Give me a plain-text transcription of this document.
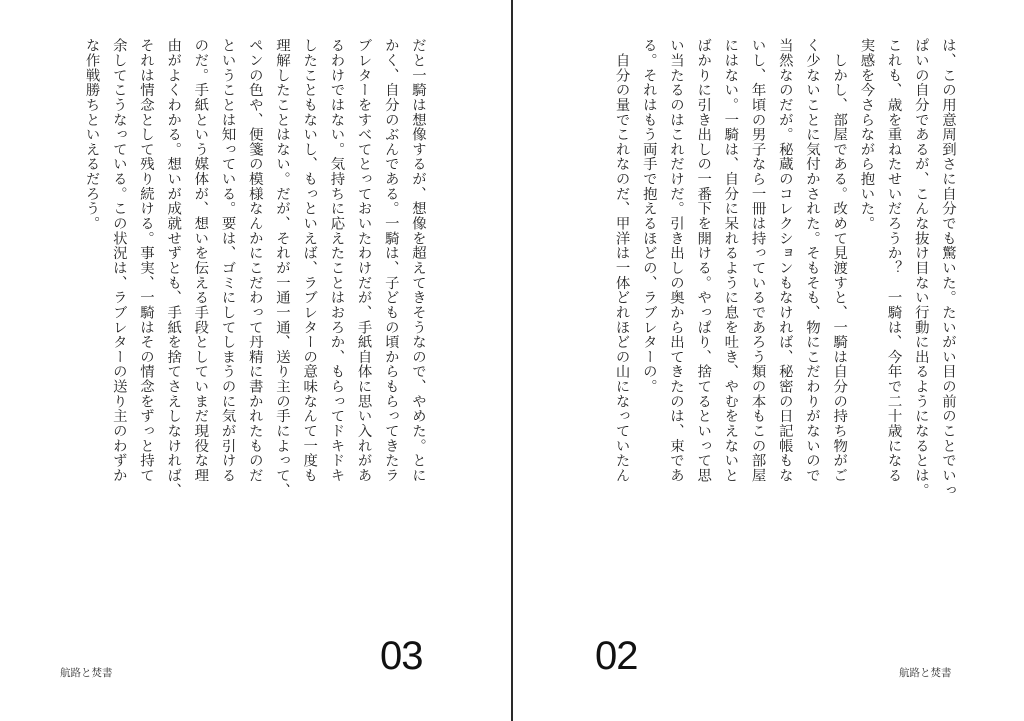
だと一騎は想像するが、想像を超えてきそうなので、やめた。とに
かく、自分のぶんである。一騎は、子どもの頃からもらってきたラ
ブレターをすべてとっておいたわけだが、手紙自体に思い入れがあ
るわけではない。気持ちに応えたことはおろか、もらってドキドキ
したこともないし、もっといえば、ラブレターの意味なんて一度も
理解したことはない。だが、それが一通一通、送り主の手によって、
ペンの色や、便箋の模様なんかにこだわって丹精に書かれたものだ
ということは知っている。要は、ゴミにしてしまうのに気が引ける
のだ。手紙という媒体が、想いを伝える手段としていまだ現役な理
由がよくわかる。想いが成就せずとも、手紙を捨てさえしなければ、
それは情念として残り続ける。事実、一騎はその情念をずっと持て
余してこうなっている。この状況は、ラブレターの送り主のわずか
な作戦勝ちといえるだろう。
03
航路と焚書
は、この用意周到さに自分でも驚いた。たいがい目の前のことでいっ
ぱいの自分であるが、こんな抜け目ない行動に出るようになるとは。
これも、歳を重ねたせいだろうか？　一騎は、今年で二十歳になる
実感を今さらながら抱いた。
　しかし、部屋である。改めて見渡すと、一騎は自分の持ち物がご
く少ないことに気付かされた。そもそも、物にこだわりがないので
当然なのだが。秘蔵のコレクションもなければ、秘密の日記帳もな
いし、年頃の男子なら一冊は持っているであろう類の本もこの部屋
にはない。一騎は、自分に呆れるように息を吐き、やむをえないと
ばかりに引き出しの一番下を開ける。やっぱり、捨てるといって思
い当たるのはこれだけだ。引き出しの奥から出てきたのは、束であ
る。それはもう両手で抱えるほどの、ラブレターの。
　自分の量でこれなのだ、甲洋は一体どれほどの山になっていたん
02	航路と焚書
